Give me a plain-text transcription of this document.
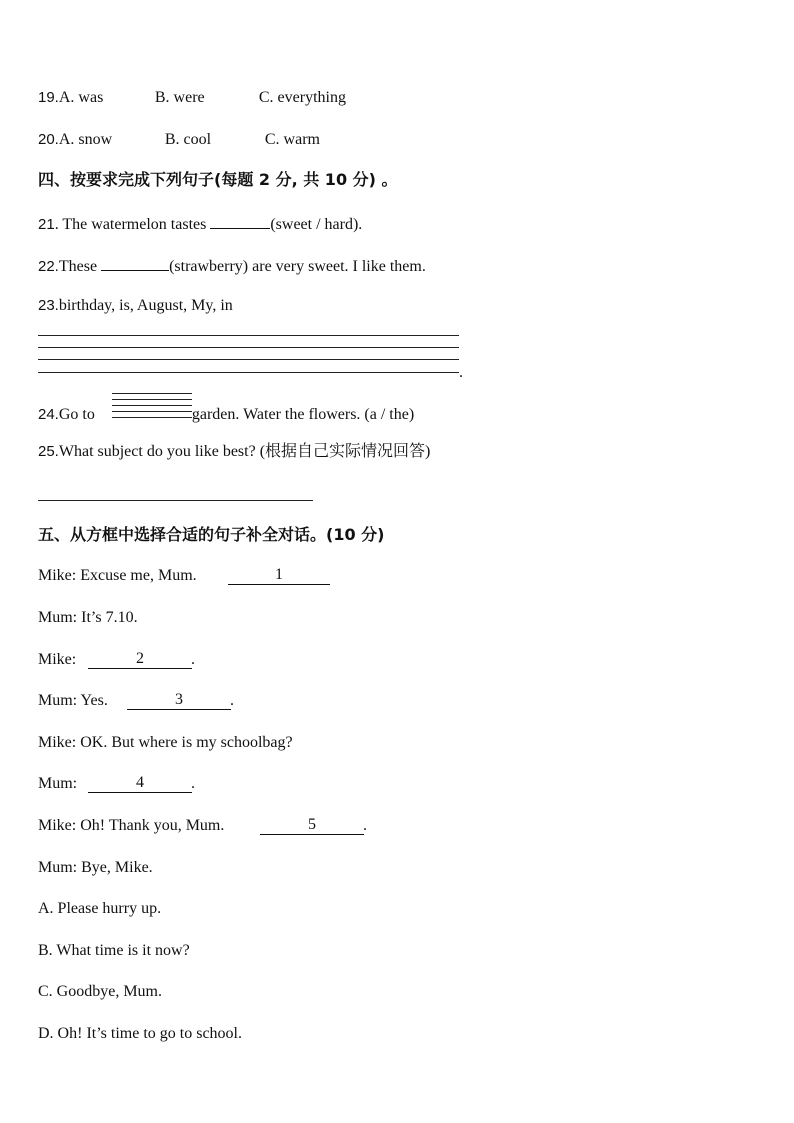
19.A. was	B. were	C. everything
20.A. snow	B. cool	C. warm
四、按要求完成下列句子(每题 2 分, 共 10 分) 。
21. The watermelon tastes	(sweet / hard).
22.These	(strawberry) are very sweet. I like them.
23.birthday, is, August, My, in
.
24.Go to	garden. Water the flowers. (a / the)
25.What subject do you like best? (根据自己实际情况回答)
五、从方框中选择合适的句子补全对话。(10 分)
Mike: Excuse me, Mum.	1
Mum: It’s 7.10.
Mike:	2	.
Mum: Yes.	3	.
Mike: OK. But where is my schoolbag?
Mum:	4	.
Mike: Oh! Thank you, Mum.	5	.
Mum: Bye, Mike.
A. Please hurry up.
B. What time is it now?
C. Goodbye, Mum.
D. Oh! It’s time to go to school.
